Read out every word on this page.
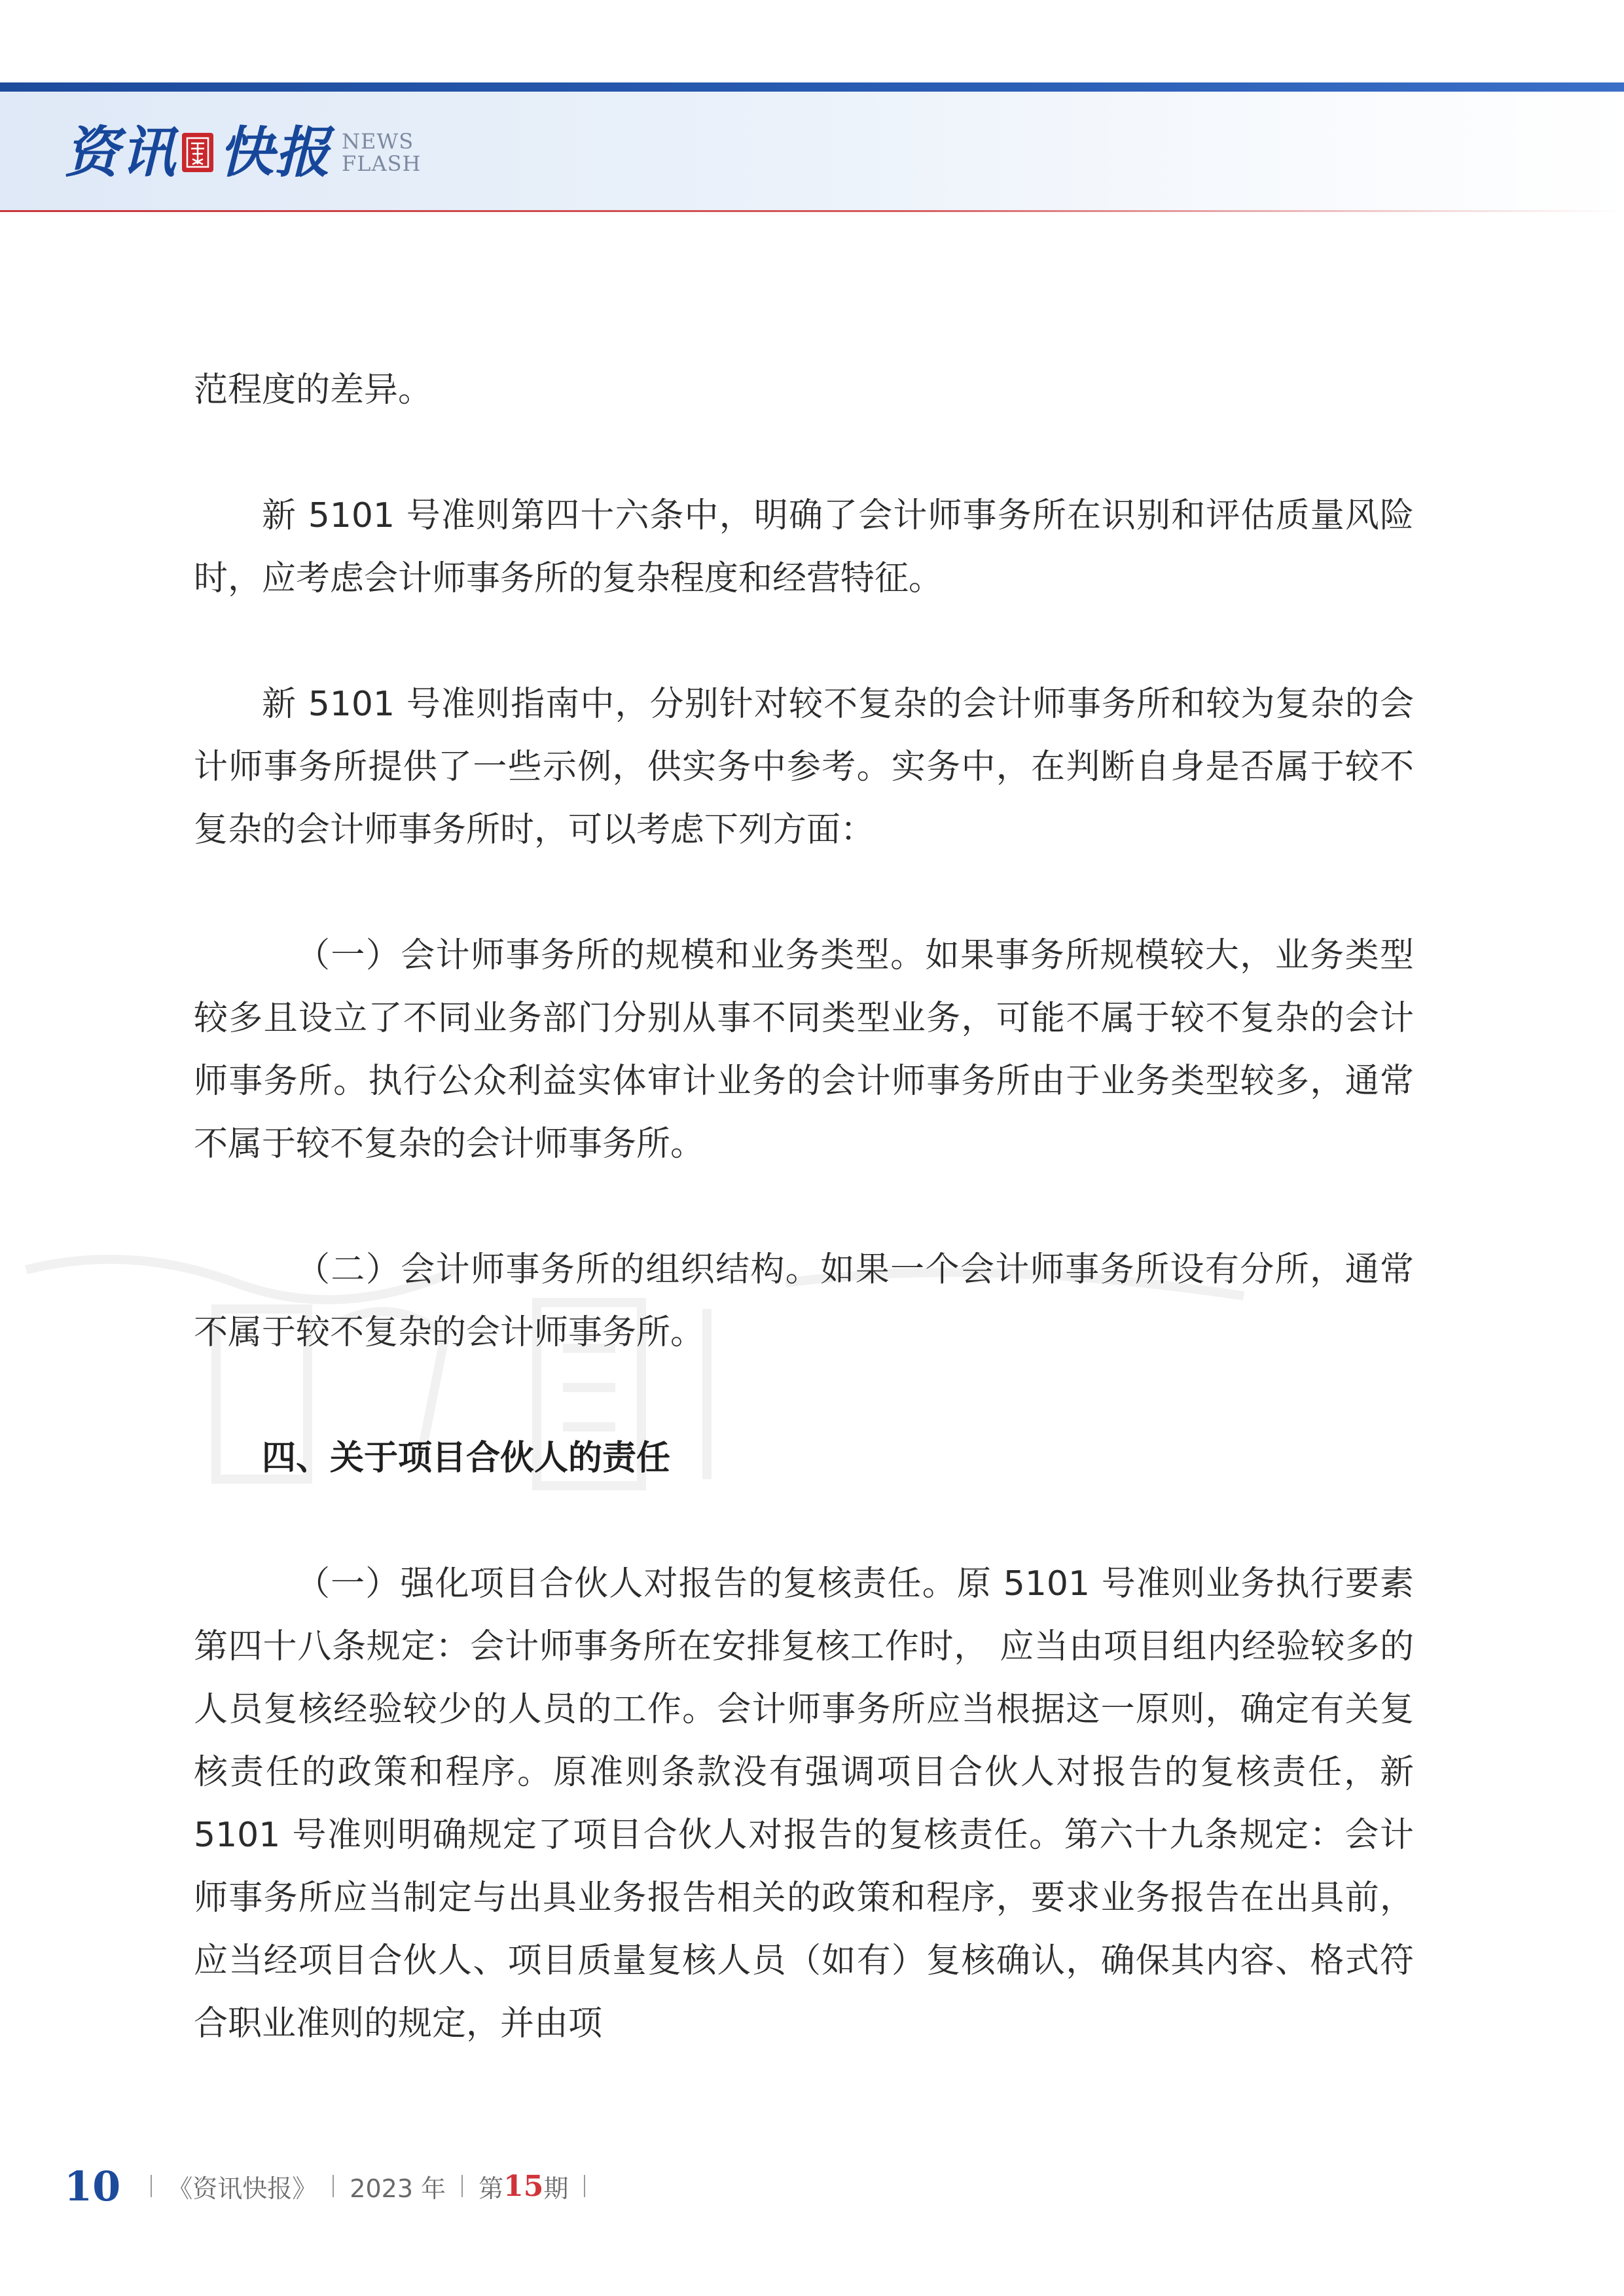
资讯 快报 NEWS
FLASH

范程度的差异。

新 5101 号准则第四十六条中，明确了会计师事务所在识别和评估质量风险时，应考虑会计师事务所的复杂程度和经营特征。

新 5101 号准则指南中，分别针对较不复杂的会计师事务所和较为复杂的会计师事务所提供了一些示例，供实务中参考。实务中，在判断自身是否属于较不复杂的会计师事务所时，可以考虑下列方面：

（一）会计师事务所的规模和业务类型。如果事务所规模较大，业务类型较多且设立了不同业务部门分别从事不同类型业务，可能不属于较不复杂的会计师事务所。执行公众利益实体审计业务的会计师事务所由于业务类型较多，通常不属于较不复杂的会计师事务所。

（二）会计师事务所的组织结构。如果一个会计师事务所设有分所，通常不属于较不复杂的会计师事务所。

四、关于项目合伙人的责任

（一）强化项目合伙人对报告的复核责任。原 5101 号准则业务执行要素第四十八条规定：会计师事务所在安排复核工作时， 应当由项目组内经验较多的人员复核经验较少的人员的工作。会计师事务所应当根据这一原则，确定有关复核责任的政策和程序。原准则条款没有强调项目合伙人对报告的复核责任，新 5101 号准则明确规定了项目合伙人对报告的复核责任。第六十九条规定：会计师事务所应当制定与出具业务报告相关的政策和程序，要求业务报告在出具前，应当经项目合伙人、项目质量复核人员（如有）复核确认，确保其内容、格式符合职业准则的规定，并由项

10 《资讯快报》 2023 年 第 15 期
